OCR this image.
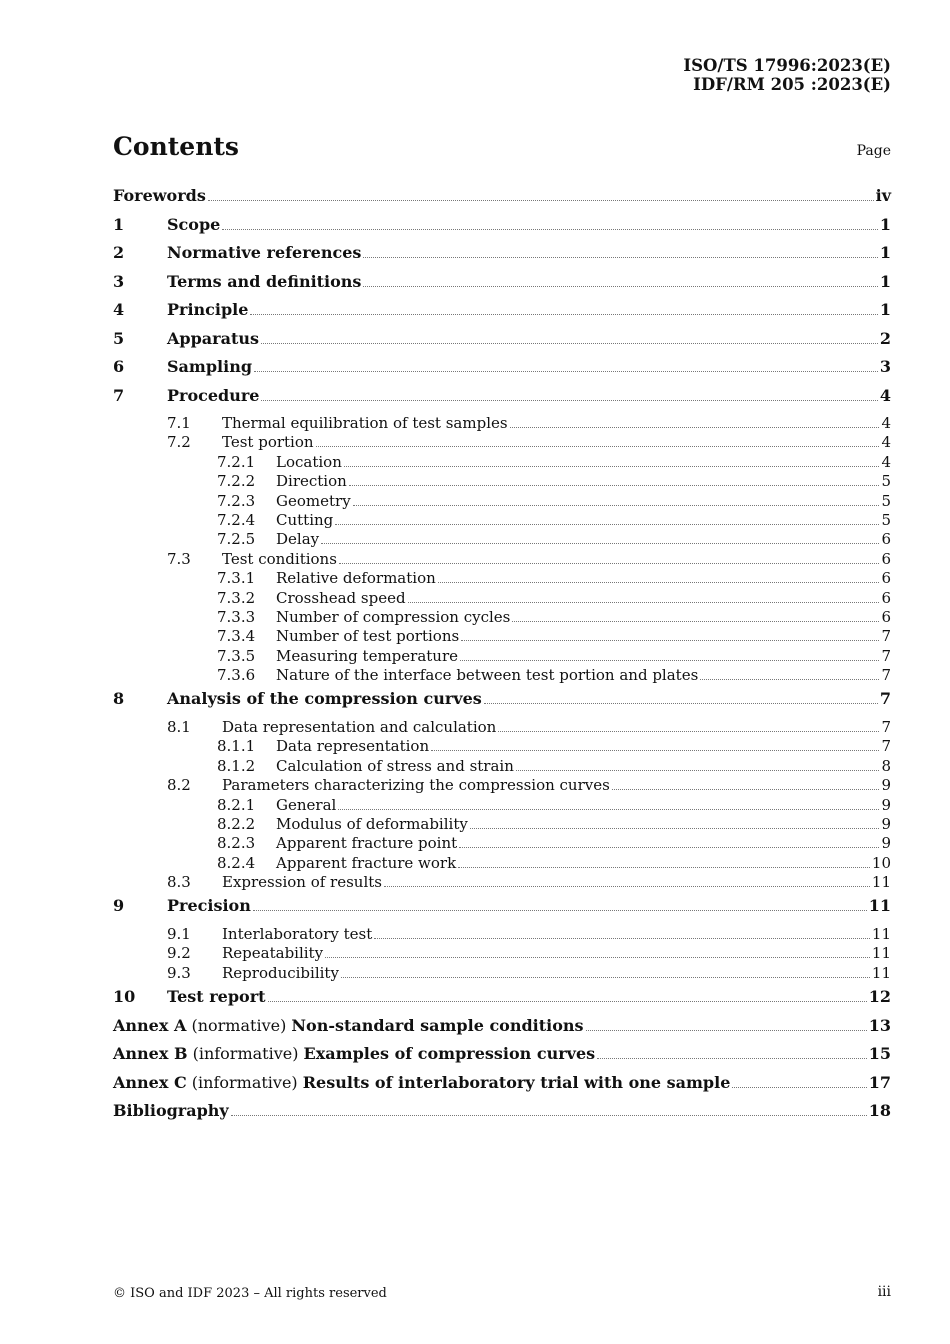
ISO/TS 17996:2023(E)
IDF/RM 205 :2023(E)
Contents	Page
Forewords	iv
1	Scope	1
2	Normative references	1
3	Terms and definitions	1
4	Principle	1
5	Apparatus	2
6	Sampling	3
7	Procedure	4
7.1	Thermal equilibration of test samples	4
7.2	Test portion	4
7.2.1	Location	4
7.2.2	Direction	5
7.2.3	Geometry	5
7.2.4	Cutting	5
7.2.5	Delay	6
7.3	Test conditions	6
7.3.1	Relative deformation	6
7.3.2	Crosshead speed	6
7.3.3	Number of compression cycles	6
7.3.4	Number of test portions	7
7.3.5	Measuring temperature	7
7.3.6	Nature of the interface between test portion and plates	7
8	Analysis of the compression curves	7
8.1	Data representation and calculation	7
8.1.1	Data representation	7
8.1.2	Calculation of stress and strain	8
8.2	Parameters characterizing the compression curves	9
8.2.1	General	9
8.2.2	Modulus of deformability	9
8.2.3	Apparent fracture point	9
8.2.4	Apparent fracture work	10
8.3	Expression of results	11
9	Precision	11
9.1	Interlaboratory test	11
9.2	Repeatability	11
9.3	Reproducibility	11
10	Test report	12
Annex A (normative) Non-standard sample conditions	13
Annex B (informative) Examples of compression curves	15
Annex C (informative) Results of interlaboratory trial with one sample	17
Bibliography	18
© ISO and IDF 2023 – All rights reserved	iii
